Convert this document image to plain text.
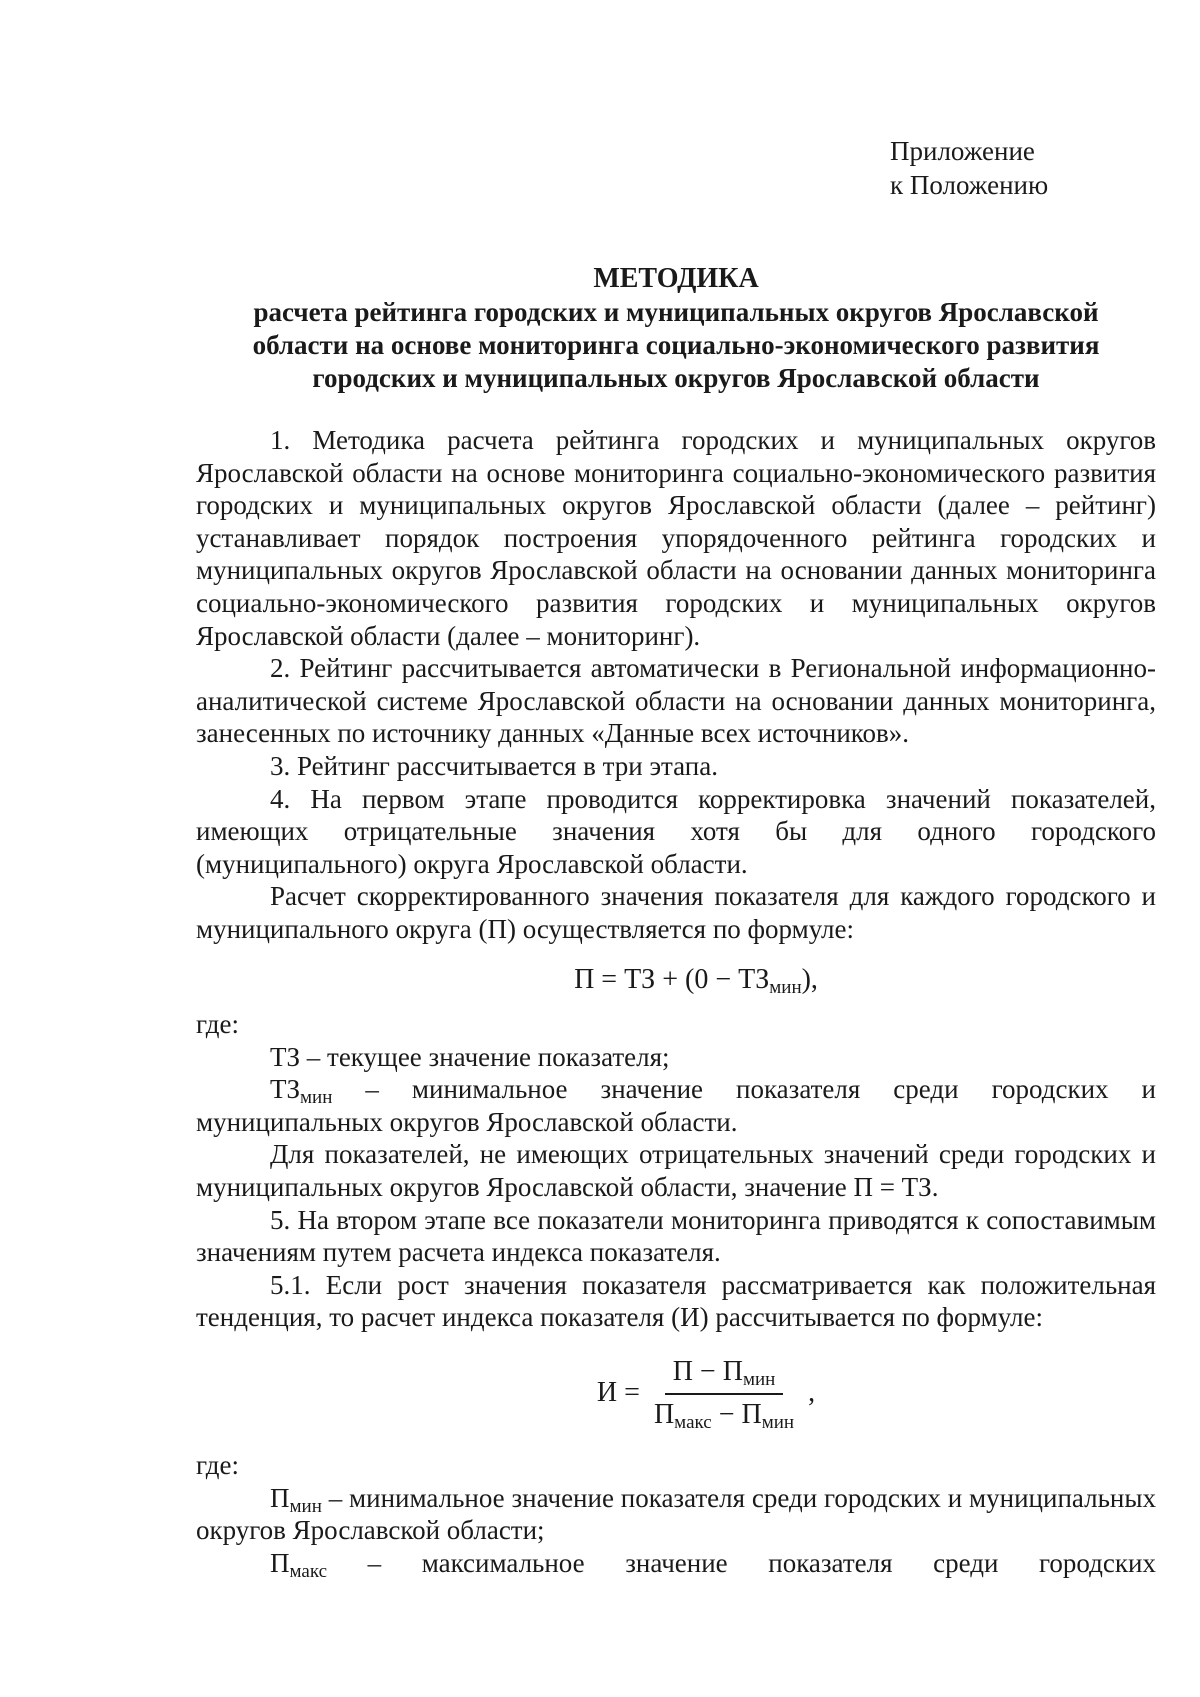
Приложение
к Положению
МЕТОДИКА
расчета рейтинга городских и муниципальных округов Ярославской
области на основе мониторинга социально-экономического развития
городских и муниципальных округов Ярославской области

1. Методика расчета рейтинга городских и муниципальных округов Ярославской области на основе мониторинга социально-экономического развития городских и муниципальных округов Ярославской области (далее – рейтинг) устанавливает порядок построения упорядоченного рейтинга городских и муниципальных округов Ярославской области на основании данных мониторинга социально-экономического развития городских и муниципальных округов Ярославской области (далее – мониторинг).

2. Рейтинг рассчитывается автоматически в Региональной информационно-аналитической системе Ярославской области на основании данных мониторинга, занесенных по источнику данных «Данные всех источников».

3. Рейтинг рассчитывается в три этапа.

4. На первом этапе проводится корректировка значений показателей, имеющих отрицательные значения хотя бы для одного городского (муниципального) округа Ярославской области.

Расчет скорректированного значения показателя для каждого городского и муниципального округа (П) осуществляется по формуле:

П = ТЗ + $(0 - ТЗ_{мин})$,

где:

ТЗ – текущее значение показателя;

$ТЗ_{мин}$ – минимальное значение показателя среди городских и муниципальных округов Ярославской области.

Для показателей, не имеющих отрицательных значений среди городских и муниципальных округов Ярославской области, значение П = ТЗ.

5. На втором этапе все показатели мониторинга приводятся к сопоставимым значениям путем расчета индекса показателя.

5.1. Если рост значения показателя рассматривается как положительная тенденция, то расчет индекса показателя (И) рассчитывается по формуле:

$И = \frac{П - П_{мин}}{П_{макс} - П_{мин}}$ ,

где:

$П_{мин}$ – минимальное значение показателя среди городских и муниципальных округов Ярославской области;

$П_{макс}$ – максимальное значение показателя среди городских
